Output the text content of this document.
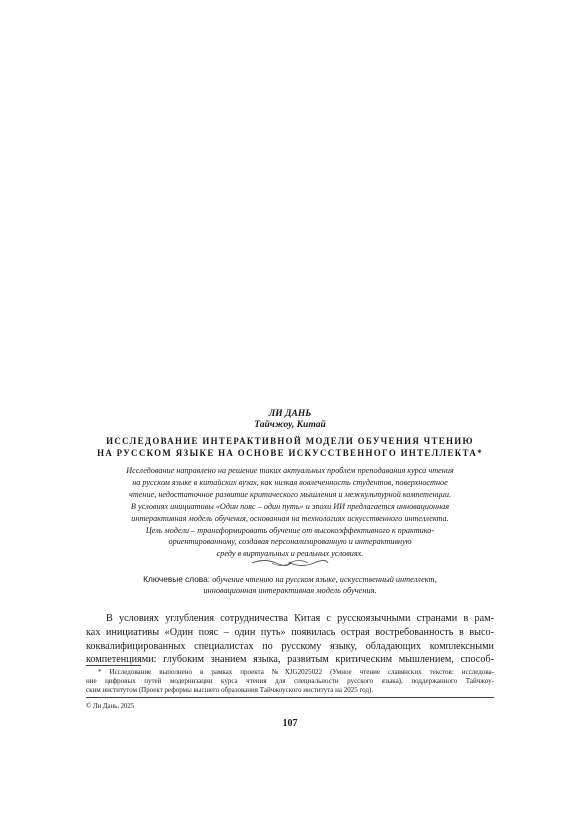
ЛИ ДАНЬ
Тайчжоу, Китай
ИССЛЕДОВАНИЕ ИНТЕРАКТИВНОЙ МОДЕЛИ ОБУЧЕНИЯ ЧТЕНИЮ
НА РУССКОМ ЯЗЫКЕ НА ОСНОВЕ ИСКУССТВЕННОГО ИНТЕЛЛЕКТА*
Исследование направлено на решение таких актуальных проблем преподавания курса чтения
на русском языке в китайских вузах, как низкая вовлеченность студентов, поверхностное
чтение, недостаточное развитие критического мышления и межкультурной компетенции.
В условиях инициативы «Один пояс – один путь» и эпохи ИИ предлагается инновационная
интерактивная модель обучения, основанная на технологиях искусственного интеллекта.
Цель модели – трансформировать обучение от высокоэффективного к практико-
ориентированному, создавая персонализированную и интерактивную
среду в виртуальных и реальных условиях.
Ключевые слова: обучение чтению на русском языке, искусственный интеллект,
инновационная интерактивная модель обучения.
В условиях углубления сотрудничества Китая с русскоязычными странами в рам-
ках инициативы «Один пояс – один путь» появилась острая востребованность в высо-
коквалифицированных специалистах по русскому языку, обладающих комплексными
компетенциями: глубоким знанием языка, развитым критическим мышлением, способ-
* Исследование выполнено в рамках проекта №XJG2025022 (Умное чтение славянских текстов: исследова-
ние цифровых путей модернизации курса чтения для специальности русского языка), поддержанного Тайчжоу-
ским институтом (Проект реформы высшего образования Тайчжоуского института на 2025 год).
© Ли Дань, 2025
107
